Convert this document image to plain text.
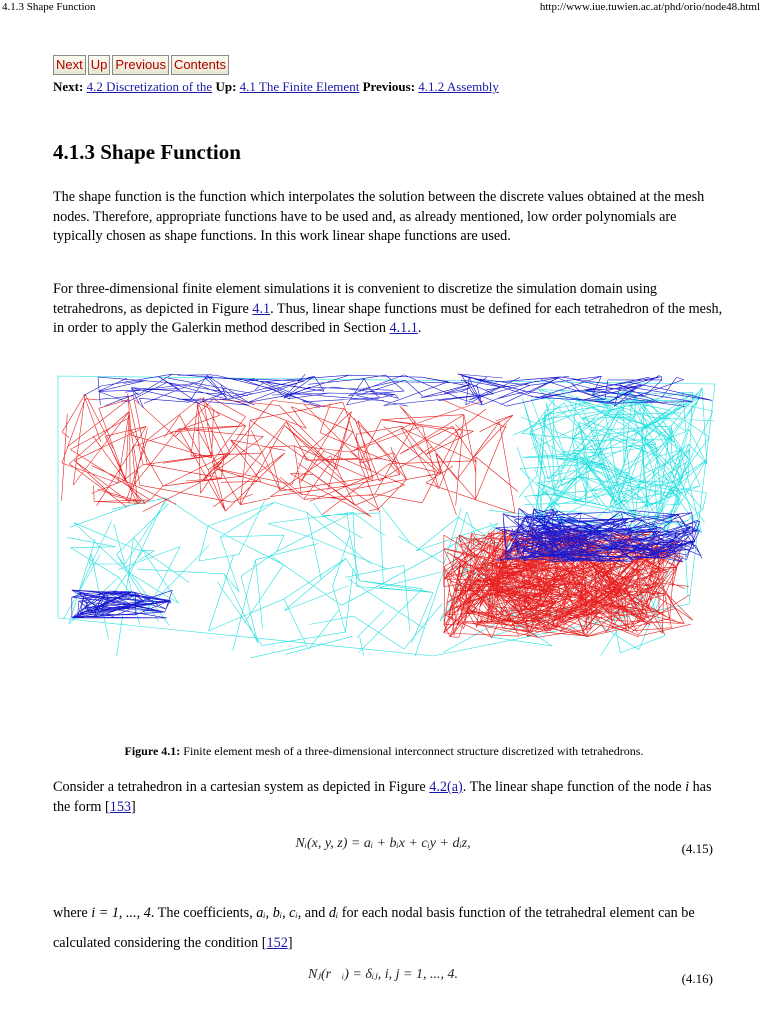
4.1.3 Shape Function	http://www.iue.tuwien.ac.at/phd/orio/node48.html
Next Up Previous Contents
Next: 4.2 Discretization of the Up: 4.1 The Finite Element Previous: 4.1.2 Assembly
4.1.3 Shape Function

The shape function is the function which interpolates the solution between the discrete values obtained at the mesh nodes. Therefore, appropriate functions have to be used and, as already mentioned, low order polynomials are typically chosen as shape functions. In this work linear shape functions are used.

For three-dimensional finite element simulations it is convenient to discretize the simulation domain using tetrahedrons, as depicted in Figure 4.1. Thus, linear shape functions must be defined for each tetrahedron of the mesh, in order to apply the Galerkin method described in Section 4.1.1.

Figure 4.1: Finite element mesh of a three-dimensional interconnect structure discretized with tetrahedrons.

Consider a tetrahedron in a cartesian system as depicted in Figure 4.2(a). The linear shape function of the node i has the form [153]

Nᵢ(x, y, z) = aᵢ + bᵢx + cᵢy + dᵢz,	(4.15)

where i = 1, ..., 4. The coefficients, aᵢ, bᵢ, cᵢ, and dᵢ for each nodal basis function of the tetrahedral element can be calculated considering the condition [152]

Nⱼ(r⃗ᵢ) = δᵢⱼ, i, j = 1, ..., 4.	(4.16)
